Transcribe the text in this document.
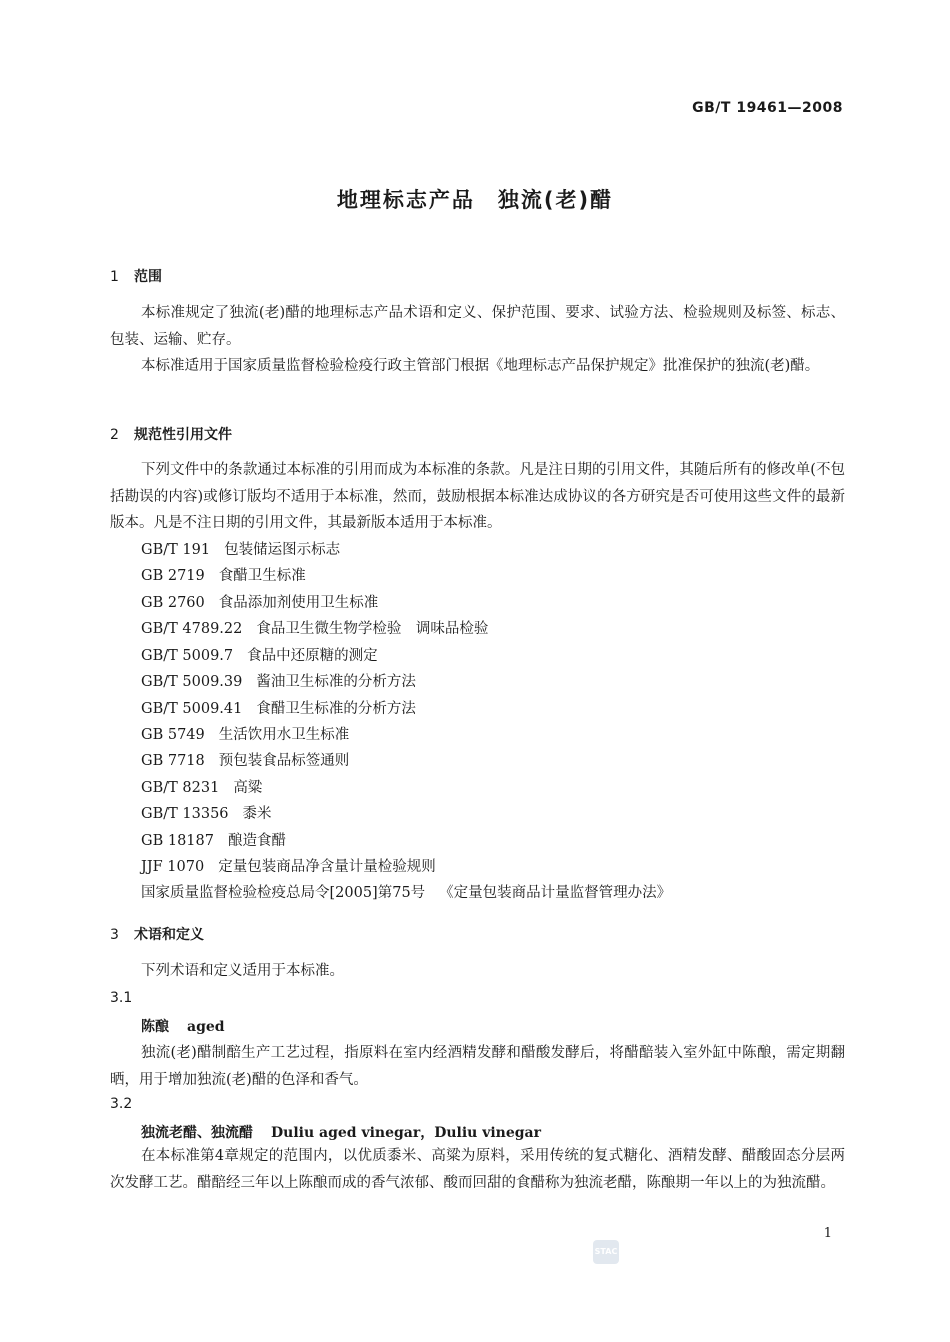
GB/T 19461—2008
地理标志产品　独流(老)醋
1 范围

本标准规定了独流(老)醋的地理标志产品术语和定义、保护范围、要求、试验方法、检验规则及标签、标志、包装、运输、贮存。

本标准适用于国家质量监督检验检疫行政主管部门根据《地理标志产品保护规定》批准保护的独流(老)醋。

2 规范性引用文件

下列文件中的条款通过本标准的引用而成为本标准的条款。凡是注日期的引用文件，其随后所有的修改单(不包括勘误的内容)或修订版均不适用于本标准，然而，鼓励根据本标准达成协议的各方研究是否可使用这些文件的最新版本。凡是不注日期的引用文件，其最新版本适用于本标准。

GB/T 191 包装储运图示标志
GB 2719 食醋卫生标准
GB 2760 食品添加剂使用卫生标准
GB/T 4789.22 食品卫生微生物学检验　调味品检验
GB/T 5009.7 食品中还原糖的测定
GB/T 5009.39 酱油卫生标准的分析方法
GB/T 5009.41 食醋卫生标准的分析方法
GB 5749 生活饮用水卫生标准
GB 7718 预包装食品标签通则
GB/T 8231 高粱
GB/T 13356 黍米
GB 18187 酿造食醋
JJF 1070 定量包装商品净含量计量检验规则
国家质量监督检验检疫总局令[2005]第75号 《定量包装商品计量监督管理办法》
3 术语和定义

下列术语和定义适用于本标准。

3.1
陈酿 aged

独流(老)醋制醅生产工艺过程，指原料在室内经酒精发酵和醋酸发酵后，将醋醅装入室外缸中陈酿，需定期翻晒，用于增加独流(老)醋的色泽和香气。

3.2
独流老醋、独流醋 Duliu aged vinegar，Duliu vinegar

在本标准第4章规定的范围内，以优质黍米、高粱为原料，采用传统的复式糖化、酒精发酵、醋酸固态分层两次发酵工艺。醋醅经三年以上陈酿而成的香气浓郁、酸而回甜的食醋称为独流老醋，陈酿期一年以上的为独流醋。

1
STAC
